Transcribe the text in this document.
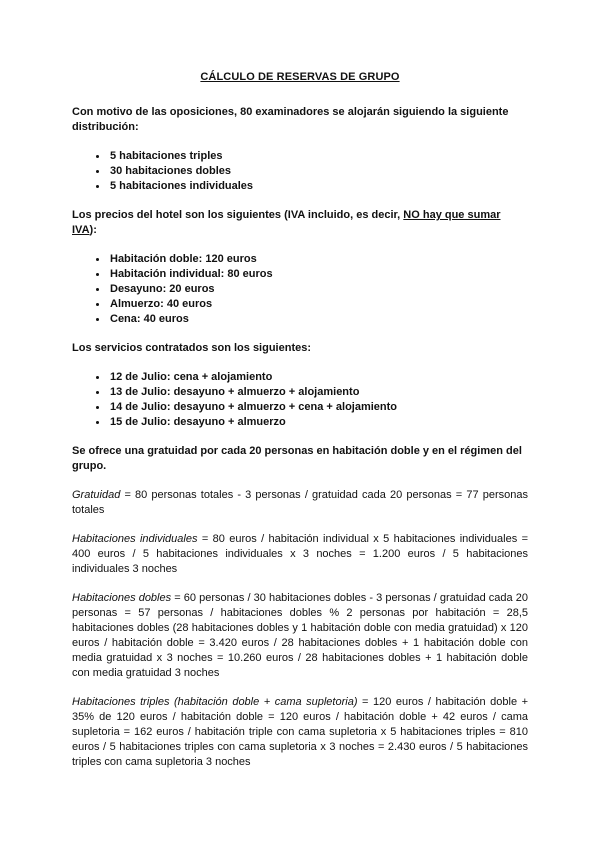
CÁLCULO DE RESERVAS DE GRUPO

Con motivo de las oposiciones, 80 examinadores se alojarán siguiendo la siguiente distribución:

• 5 habitaciones triples
• 30 habitaciones dobles
• 5 habitaciones individuales

Los precios del hotel son los siguientes (IVA incluido, es decir, NO hay que sumar IVA):

• Habitación doble: 120 euros
• Habitación individual: 80 euros
• Desayuno: 20 euros
• Almuerzo: 40 euros
• Cena: 40 euros

Los servicios contratados son los siguientes:

• 12 de Julio: cena + alojamiento
• 13 de Julio: desayuno + almuerzo + alojamiento
• 14 de Julio: desayuno + almuerzo + cena + alojamiento
• 15 de Julio: desayuno + almuerzo

Se ofrece una gratuidad por cada 20 personas en habitación doble y en el régimen del grupo.

Gratuidad = 80 personas totales - 3 personas / gratuidad cada 20 personas = 77 personas totales

Habitaciones individuales = 80 euros / habitación individual x 5 habitaciones individuales = 400 euros / 5 habitaciones individuales x 3 noches = 1.200 euros / 5 habitaciones individuales 3 noches

Habitaciones dobles = 60 personas / 30 habitaciones dobles - 3 personas / gratuidad cada 20 personas = 57 personas / habitaciones dobles % 2 personas por habitación = 28,5 habitaciones dobles (28 habitaciones dobles y 1 habitación doble con media gratuidad) x 120 euros / habitación doble = 3.420 euros / 28 habitaciones dobles + 1 habitación doble con media gratuidad x 3 noches = 10.260 euros / 28 habitaciones dobles + 1 habitación doble con media gratuidad 3 noches

Habitaciones triples (habitación doble + cama supletoria) = 120 euros / habitación doble + 35% de 120 euros / habitación doble = 120 euros / habitación doble + 42 euros / cama supletoria = 162 euros / habitación triple con cama supletoria x 5 habitaciones triples = 810 euros / 5 habitaciones triples con cama supletoria x 3 noches = 2.430 euros / 5 habitaciones triples con cama supletoria 3 noches
